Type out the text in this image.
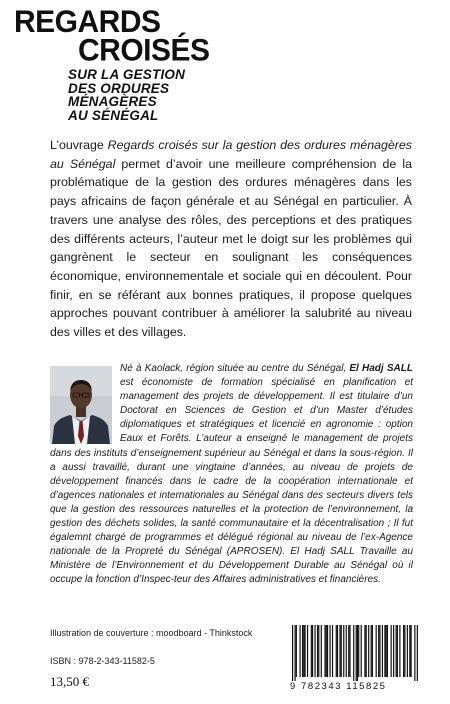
REGARDS
CROISÉS
SUR LA GESTION
DES ORDURES
MÉNAGÈRES
AU SÉNÉGAL

L’ouvrage Regards croisés sur la gestion des ordures ménagères au Sénégal permet d’avoir une meilleure compréhension de la problématique de la gestion des ordures ménagères dans les pays africains de façon générale et au Sénégal en particulier. À travers une analyse des rôles, des perceptions et des pratiques des différents acteurs, l’auteur met le doigt sur les problèmes qui gangrènent le secteur en soulignant les conséquences économique, environnementale et sociale qui en découlent. Pour finir, en se référant aux bonnes pratiques, il propose quelques approches pouvant contribuer à améliorer la salubrité au niveau des villes et des villages.

Né à Kaolack, région située au centre du Sénégal, El Hadj SALL est économiste de formation spécialisé en planification et management des projets de développement. Il est titulaire d’un Doctorat en Sciences de Gestion et d’un Master d’études diplomatiques et stratégiques et licencié en agronomie : option Eaux et Forêts. L’auteur a enseigné le management de projets dans des instituts d’enseignement supérieur au Sénégal et dans la sous-région. Il a aussi travaillé, durant une vingtaine d’années, au niveau de projets de développement financés dans le cadre de la coopération internationale et d’agences nationales et internationales au Sénégal dans des secteurs divers tels que la gestion des ressources naturelles et la protection de l’environnement, la gestion des déchets solides, la santé communautaire et la décentralisation ; Il fut égalemnt chargé de programmes et délégué régional au niveau de l’ex-Agence nationale de la Propreté du Sénégal (APROSEN). El Hadj SALL Travaille au Ministère de l’Environnement et du Développement Durable au Sénégal où il occupe la fonction d’Inspec-teur des Affaires administratives et financières.

Illustration de couverture : moodboard - Thinkstock

ISBN : 978-2-343-11582-5

13,50 €	9 782343 115825
